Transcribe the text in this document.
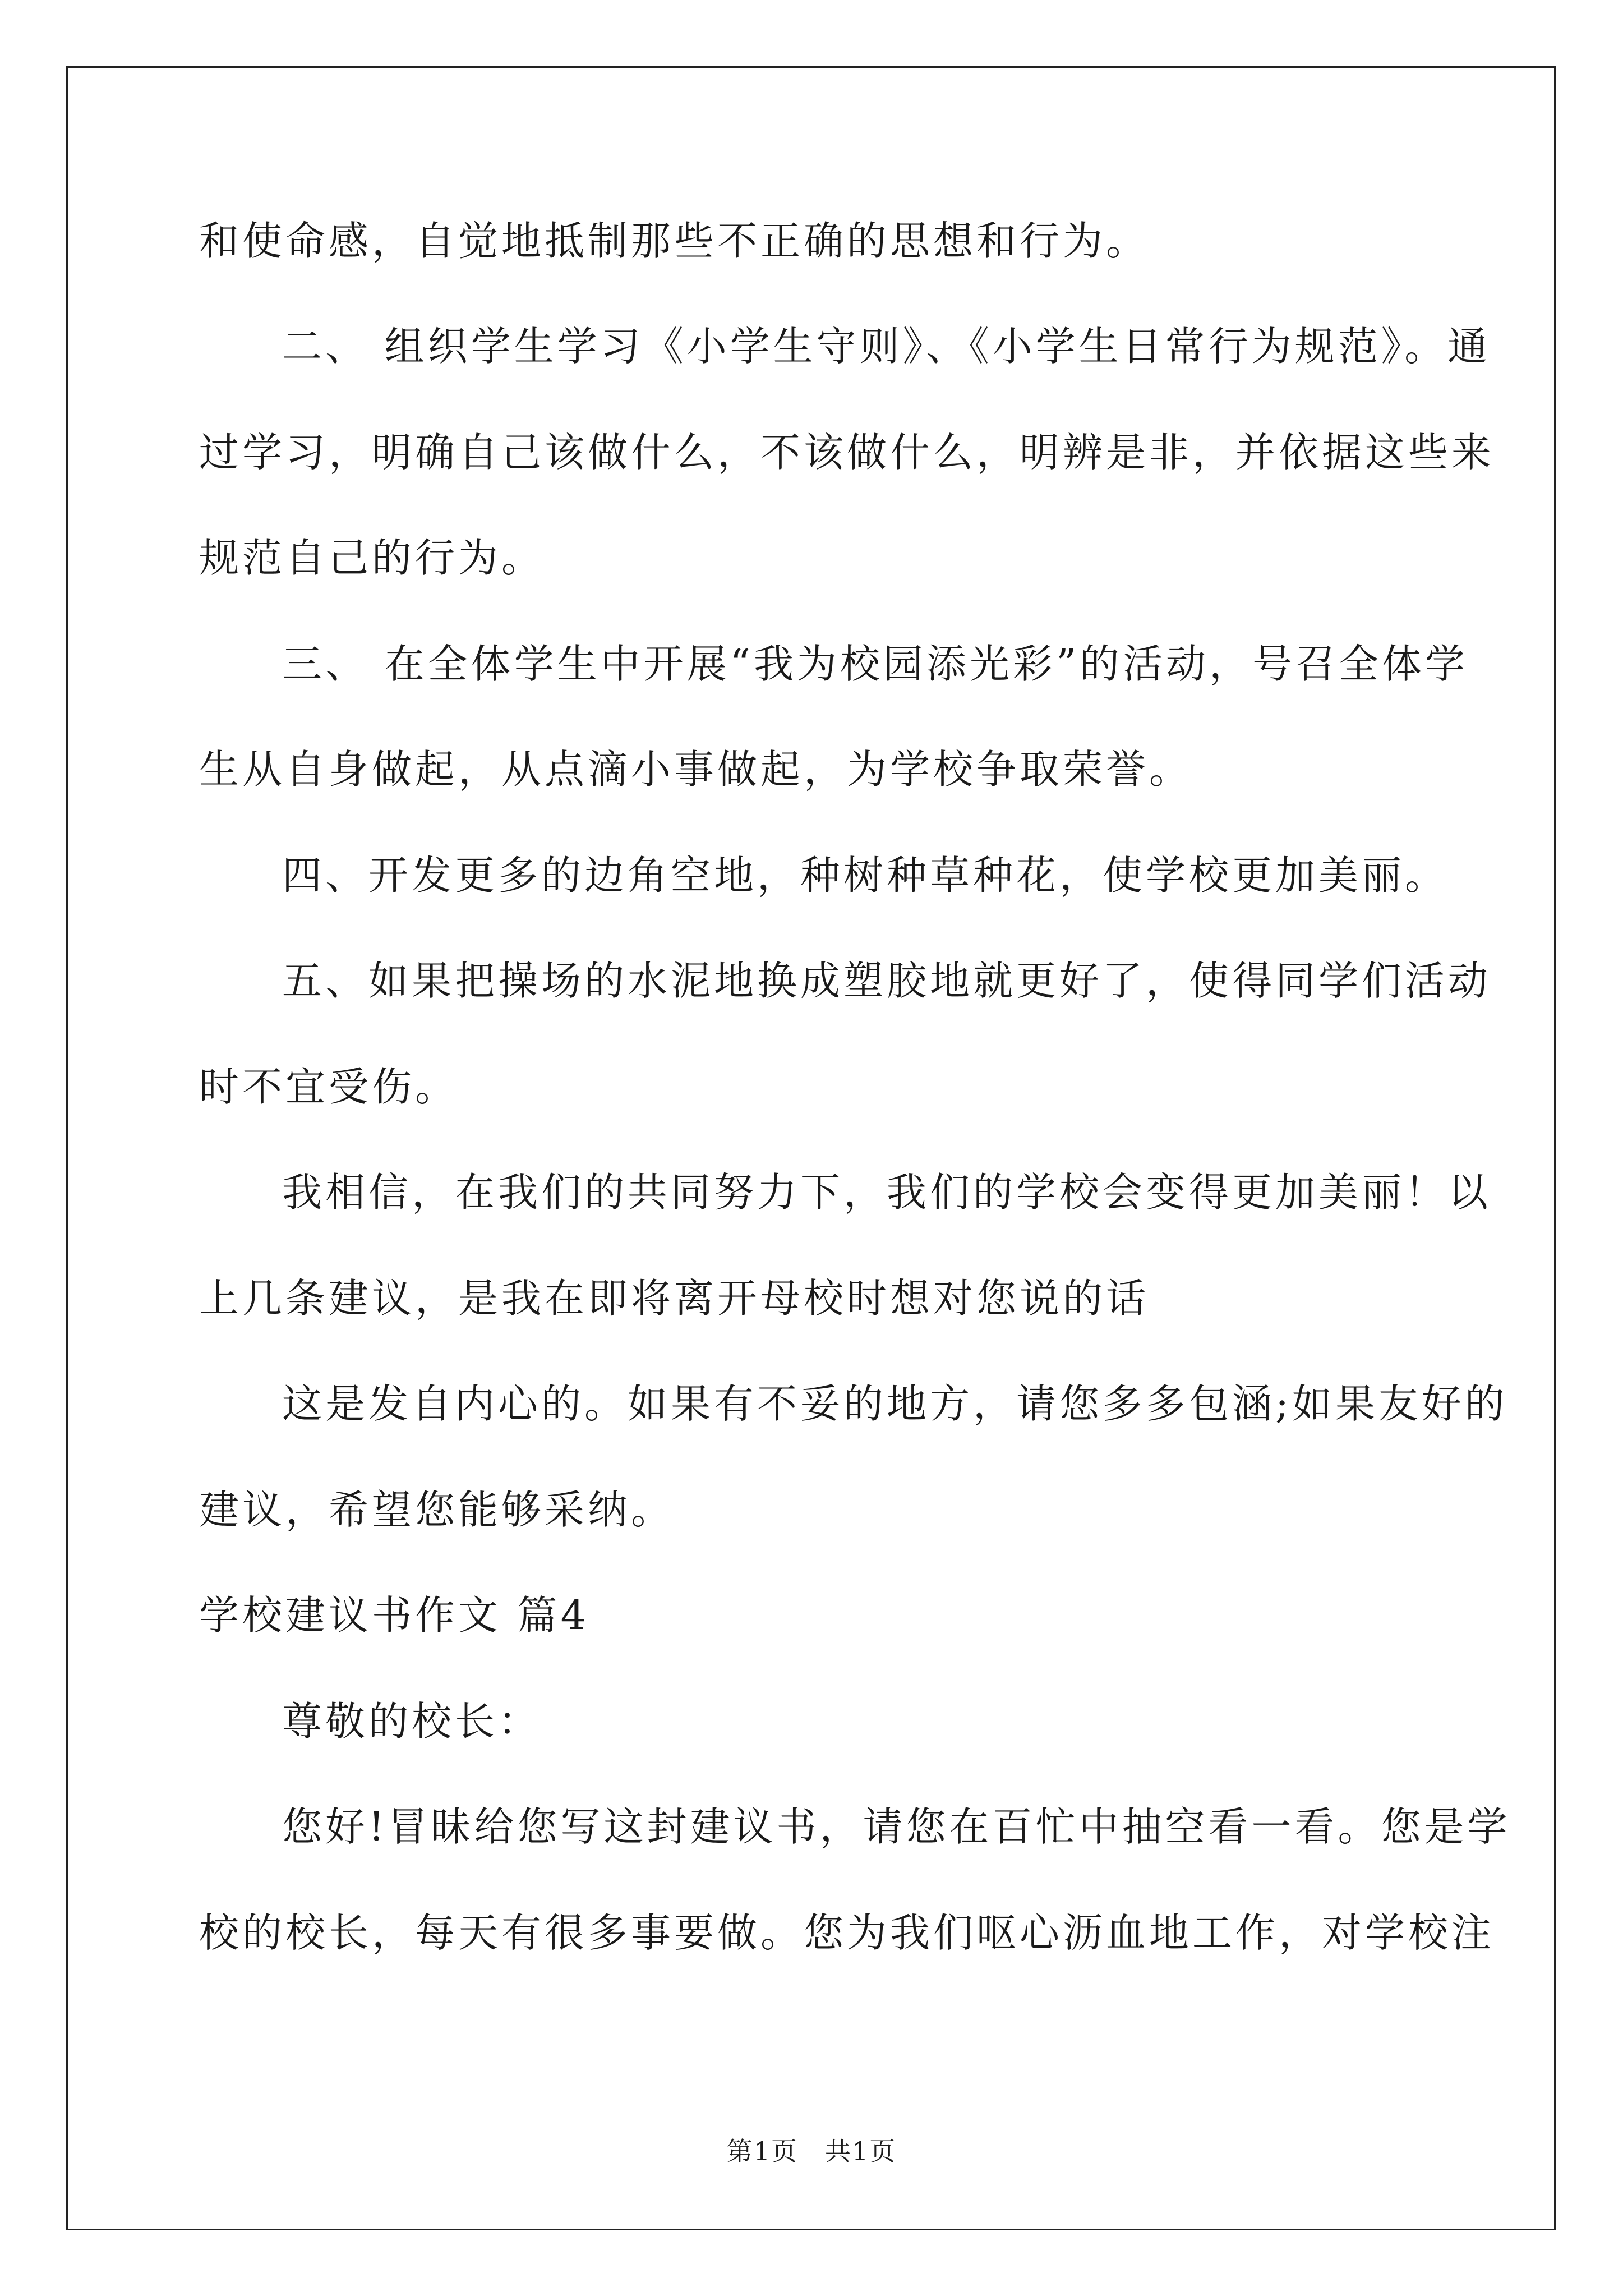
和使命感，自觉地抵制那些不正确的思想和行为。
二、 组织学生学习《小学生守则》、《小学生日常行为规范》。通
过学习，明确自己该做什么，不该做什么，明辨是非，并依据这些来
规范自己的行为。
三、 在全体学生中开展“我为校园添光彩”的活动，号召全体学
生从自身做起，从点滴小事做起，为学校争取荣誉。
四、开发更多的边角空地，种树种草种花，使学校更加美丽。
五、如果把操场的水泥地换成塑胶地就更好了，使得同学们活动
时不宜受伤。
我相信，在我们的共同努力下，我们的学校会变得更加美丽！以
上几条建议，是我在即将离开母校时想对您说的话
这是发自内心的。如果有不妥的地方，请您多多包涵;如果友好的
建议，希望您能够采纳。
学校建议书作文 篇4
尊敬的校长：
您好!冒昧给您写这封建议书，请您在百忙中抽空看一看。您是学
校的校长，每天有很多事要做。您为我们呕心沥血地工作，对学校注
第1页　共1页
